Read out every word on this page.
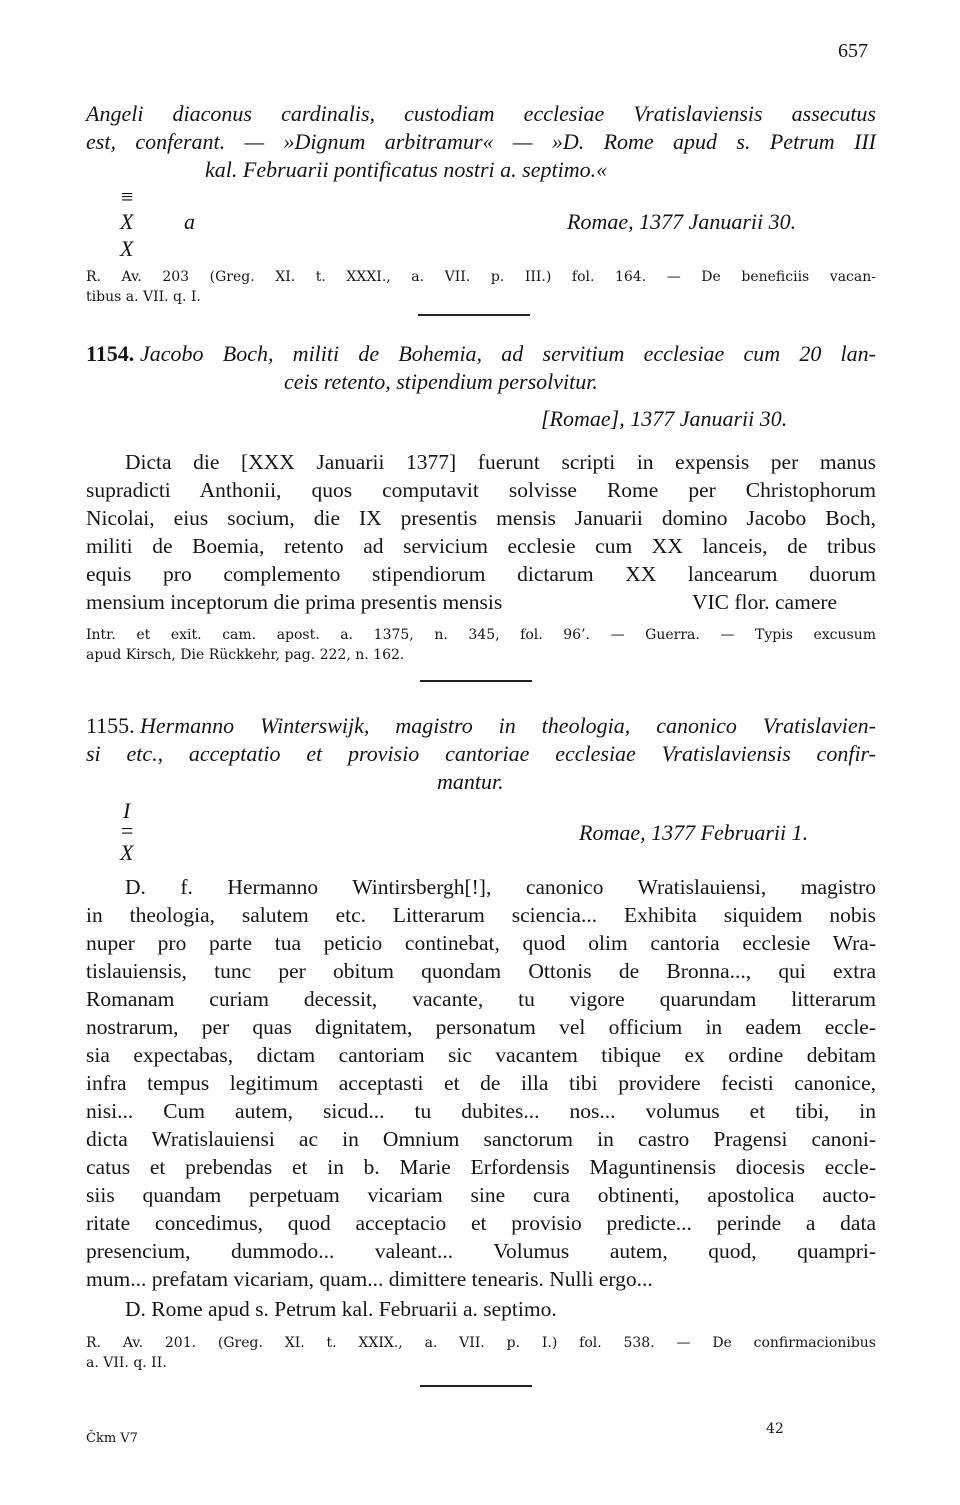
657
Angeli diaconus cardinalis, custodiam ecclesiae Vratislaviensis assecutus
est, conferant. — »Dignum arbitramur« — »D. Rome apud s. Petrum III
kal. Februarii pontificatus nostri a. septimo.«
≡
X a	Romae, 1377 Januarii 30.
X
R. Av. 203 (Greg. XI. t. XXXI., a. VII. p. III.) fol. 164. — De beneficiis vacan-
tibus a. VII. q. I.
1154. Jacobo Boch, militi de Bohemia, ad servitium ecclesiae cum 20 lan-
ceis retento, stipendium persolvitur.
[Romae], 1377 Januarii 30.
Dicta die [XXX Januarii 1377] fuerunt scripti in expensis per manus
supradicti Anthonii, quos computavit solvisse Rome per Christophorum
Nicolai, eius socium, die IX presentis mensis Januarii domino Jacobo Boch,
militi de Boemia, retento ad servicium ecclesie cum XX lanceis, de tribus
equis pro complemento stipendiorum dictarum XX lancearum duorum
mensium inceptorum die prima presentis mensis	VIC flor. camere
Intr. et exit. cam. apost. a. 1375, n. 345, fol. 96’. — Guerra. — Typis excusum
apud Kirsch, Die Rückkehr, pag. 222, n. 162.
1155. Hermanno Winterswijk, magistro in theologia, canonico Vratislavien-
si etc., acceptatio et provisio cantoriae ecclesiae Vratislaviensis confir-
mantur.
I
=	Romae, 1377 Februarii 1.
X
D. f. Hermanno Wintirsbergh[!], canonico Wratislauiensi, magistro
in theologia, salutem etc. Litterarum sciencia... Exhibita siquidem nobis
nuper pro parte tua peticio continebat, quod olim cantoria ecclesie Wra-
tislauiensis, tunc per obitum quondam Ottonis de Bronna..., qui extra
Romanam curiam decessit, vacante, tu vigore quarundam litterarum
nostrarum, per quas dignitatem, personatum vel officium in eadem eccle-
sia expectabas, dictam cantoriam sic vacantem tibique ex ordine debitam
infra tempus legitimum acceptasti et de illa tibi providere fecisti canonice,
nisi... Cum autem, sicud... tu dubites... nos... volumus et tibi, in
dicta Wratislauiensi ac in Omnium sanctorum in castro Pragensi canoni-
catus et prebendas et in b. Marie Erfordensis Maguntinensis diocesis eccle-
siis quandam perpetuam vicariam sine cura obtinenti, apostolica aucto-
ritate concedimus, quod acceptacio et provisio predicte... perinde a data
presencium, dummodo... valeant... Volumus autem, quod, quampri-
mum... prefatam vicariam, quam... dimittere tenearis. Nulli ergo...
D. Rome apud s. Petrum kal. Februarii a. septimo.
R. Av. 201. (Greg. XI. t. XXIX., a. VII. p. I.) fol. 538. — De confirmacionibus
a. VII. q. II.
Čkm V7
42
